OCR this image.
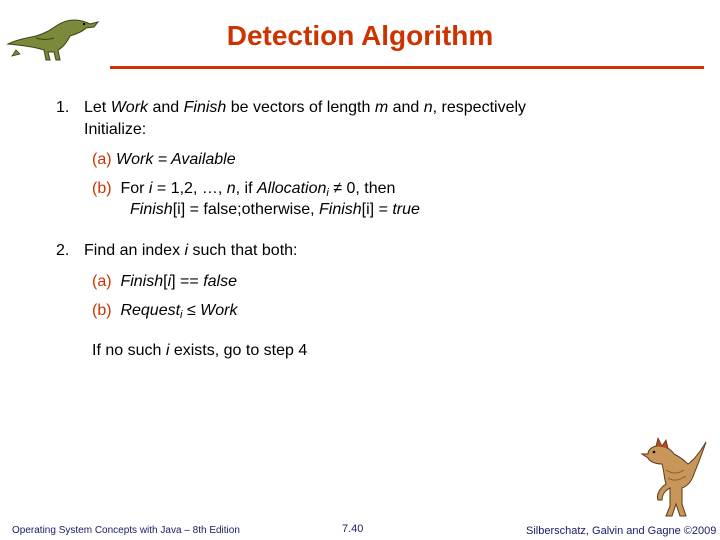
Detection Algorithm
1. Let Work and Finish be vectors of length m and n, respectively
Initialize:
(a) Work = Available
(b)  For i = 1,2, …, n, if Allocation$_i$ ≠ 0, then
Finish[i] = false;otherwise, Finish[i] = true
2. Find an index i such that both:
(a)  Finish[i] == false
(b)  Request$_i$ ≤ Work
If no such i exists, go to step 4
Operating System Concepts with Java – 8th Edition	7.40	Silberschatz, Galvin and Gagne ©2009
